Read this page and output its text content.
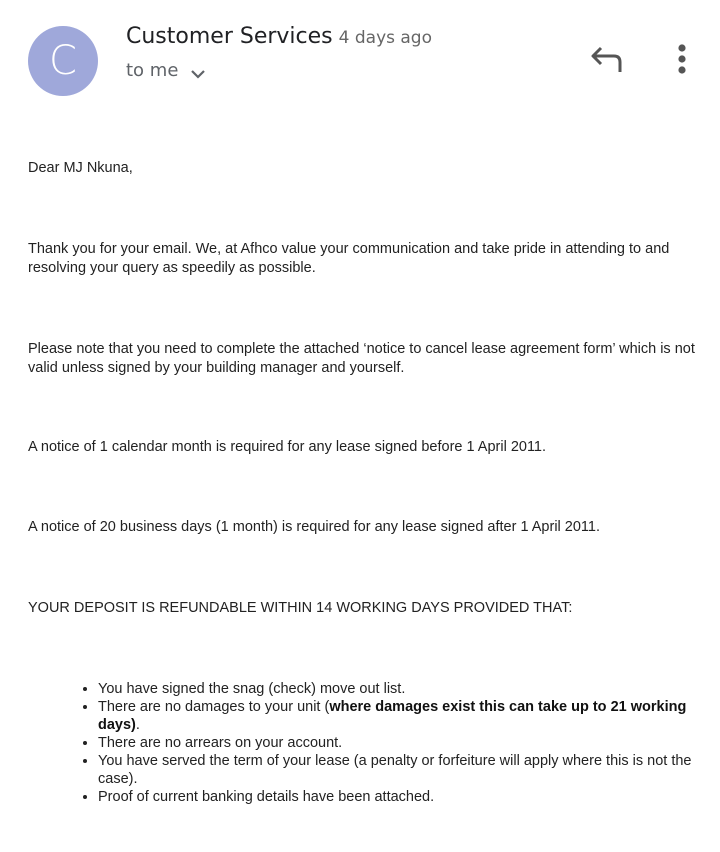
C
Customer Services 4 days ago
to me
Dear MJ Nkuna,
Thank you for your email. We, at Afhco value your communication and take pride in attending to and resolving your query as speedily as possible.
Please note that you need to complete the attached ‘notice to cancel lease agreement form’ which is not valid unless signed by your building manager and yourself.
A notice of 1 calendar month is required for any lease signed before 1 April 2011.
A notice of 20 business days (1 month) is required for any lease signed after 1 April 2011.
YOUR DEPOSIT IS REFUNDABLE WITHIN 14 WORKING DAYS PROVIDED THAT:
• You have signed the snag (check) move out list.
• There are no damages to your unit (where damages exist this can take up to 21 working days).
• There are no arrears on your account.
• You have served the term of your lease (a penalty or forfeiture will apply where this is not the case).
• Proof of current banking details have been attached.
